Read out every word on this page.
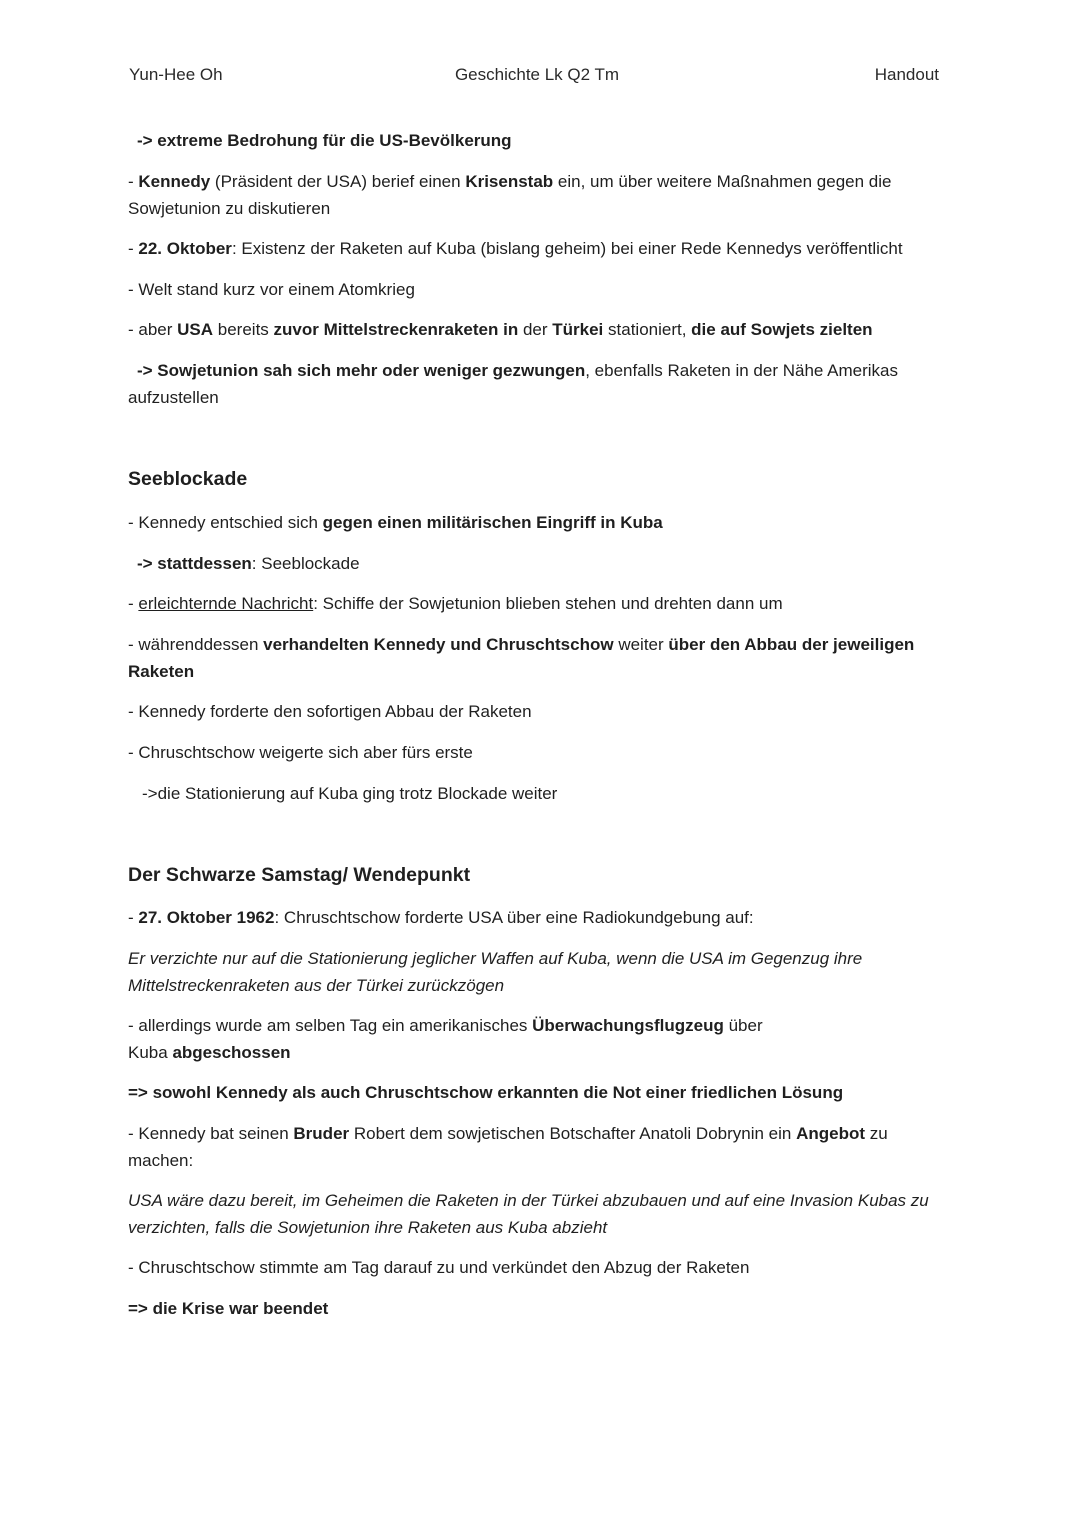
Yun-Hee Oh	Geschichte Lk Q2 Tm	Handout
-> extreme Bedrohung für die US-Bevölkerung
- Kennedy (Präsident der USA) berief einen Krisenstab ein, um über weitere Maßnahmen gegen die Sowjetunion zu diskutieren
- 22. Oktober: Existenz der Raketen auf Kuba (bislang geheim) bei einer Rede Kennedys veröffentlicht
- Welt stand kurz vor einem Atomkrieg
- aber USA bereits zuvor Mittelstreckenraketen in der Türkei stationiert, die auf Sowjets zielten
-> Sowjetunion sah sich mehr oder weniger gezwungen, ebenfalls Raketen in der Nähe Amerikas aufzustellen
Seeblockade
- Kennedy entschied sich gegen einen militärischen Eingriff in Kuba
-> stattdessen: Seeblockade
- erleichternde Nachricht: Schiffe der Sowjetunion blieben stehen und drehten dann um
- währenddessen verhandelten Kennedy und Chruschtschow weiter über den Abbau der jeweiligen Raketen
- Kennedy forderte den sofortigen Abbau der Raketen
- Chruschtschow weigerte sich aber fürs erste
->die Stationierung auf Kuba ging trotz Blockade weiter
Der Schwarze Samstag/ Wendepunkt
- 27. Oktober 1962: Chruschtschow forderte USA über eine Radiokundgebung auf:
Er verzichte nur auf die Stationierung jeglicher Waffen auf Kuba, wenn die USA im Gegenzug ihre Mittelstreckenraketen aus der Türkei zurückzögen
- allerdings wurde am selben Tag ein amerikanisches Überwachungsflugzeug über
Kuba abgeschossen
=> sowohl Kennedy als auch Chruschtschow erkannten die Not einer friedlichen Lösung
- Kennedy bat seinen Bruder Robert dem sowjetischen Botschafter Anatoli Dobrynin ein Angebot zu machen:
USA wäre dazu bereit, im Geheimen die Raketen in der Türkei abzubauen und auf eine Invasion Kubas zu verzichten, falls die Sowjetunion ihre Raketen aus Kuba abzieht
- Chruschtschow stimmte am Tag darauf zu und verkündet den Abzug der Raketen
=> die Krise war beendet
